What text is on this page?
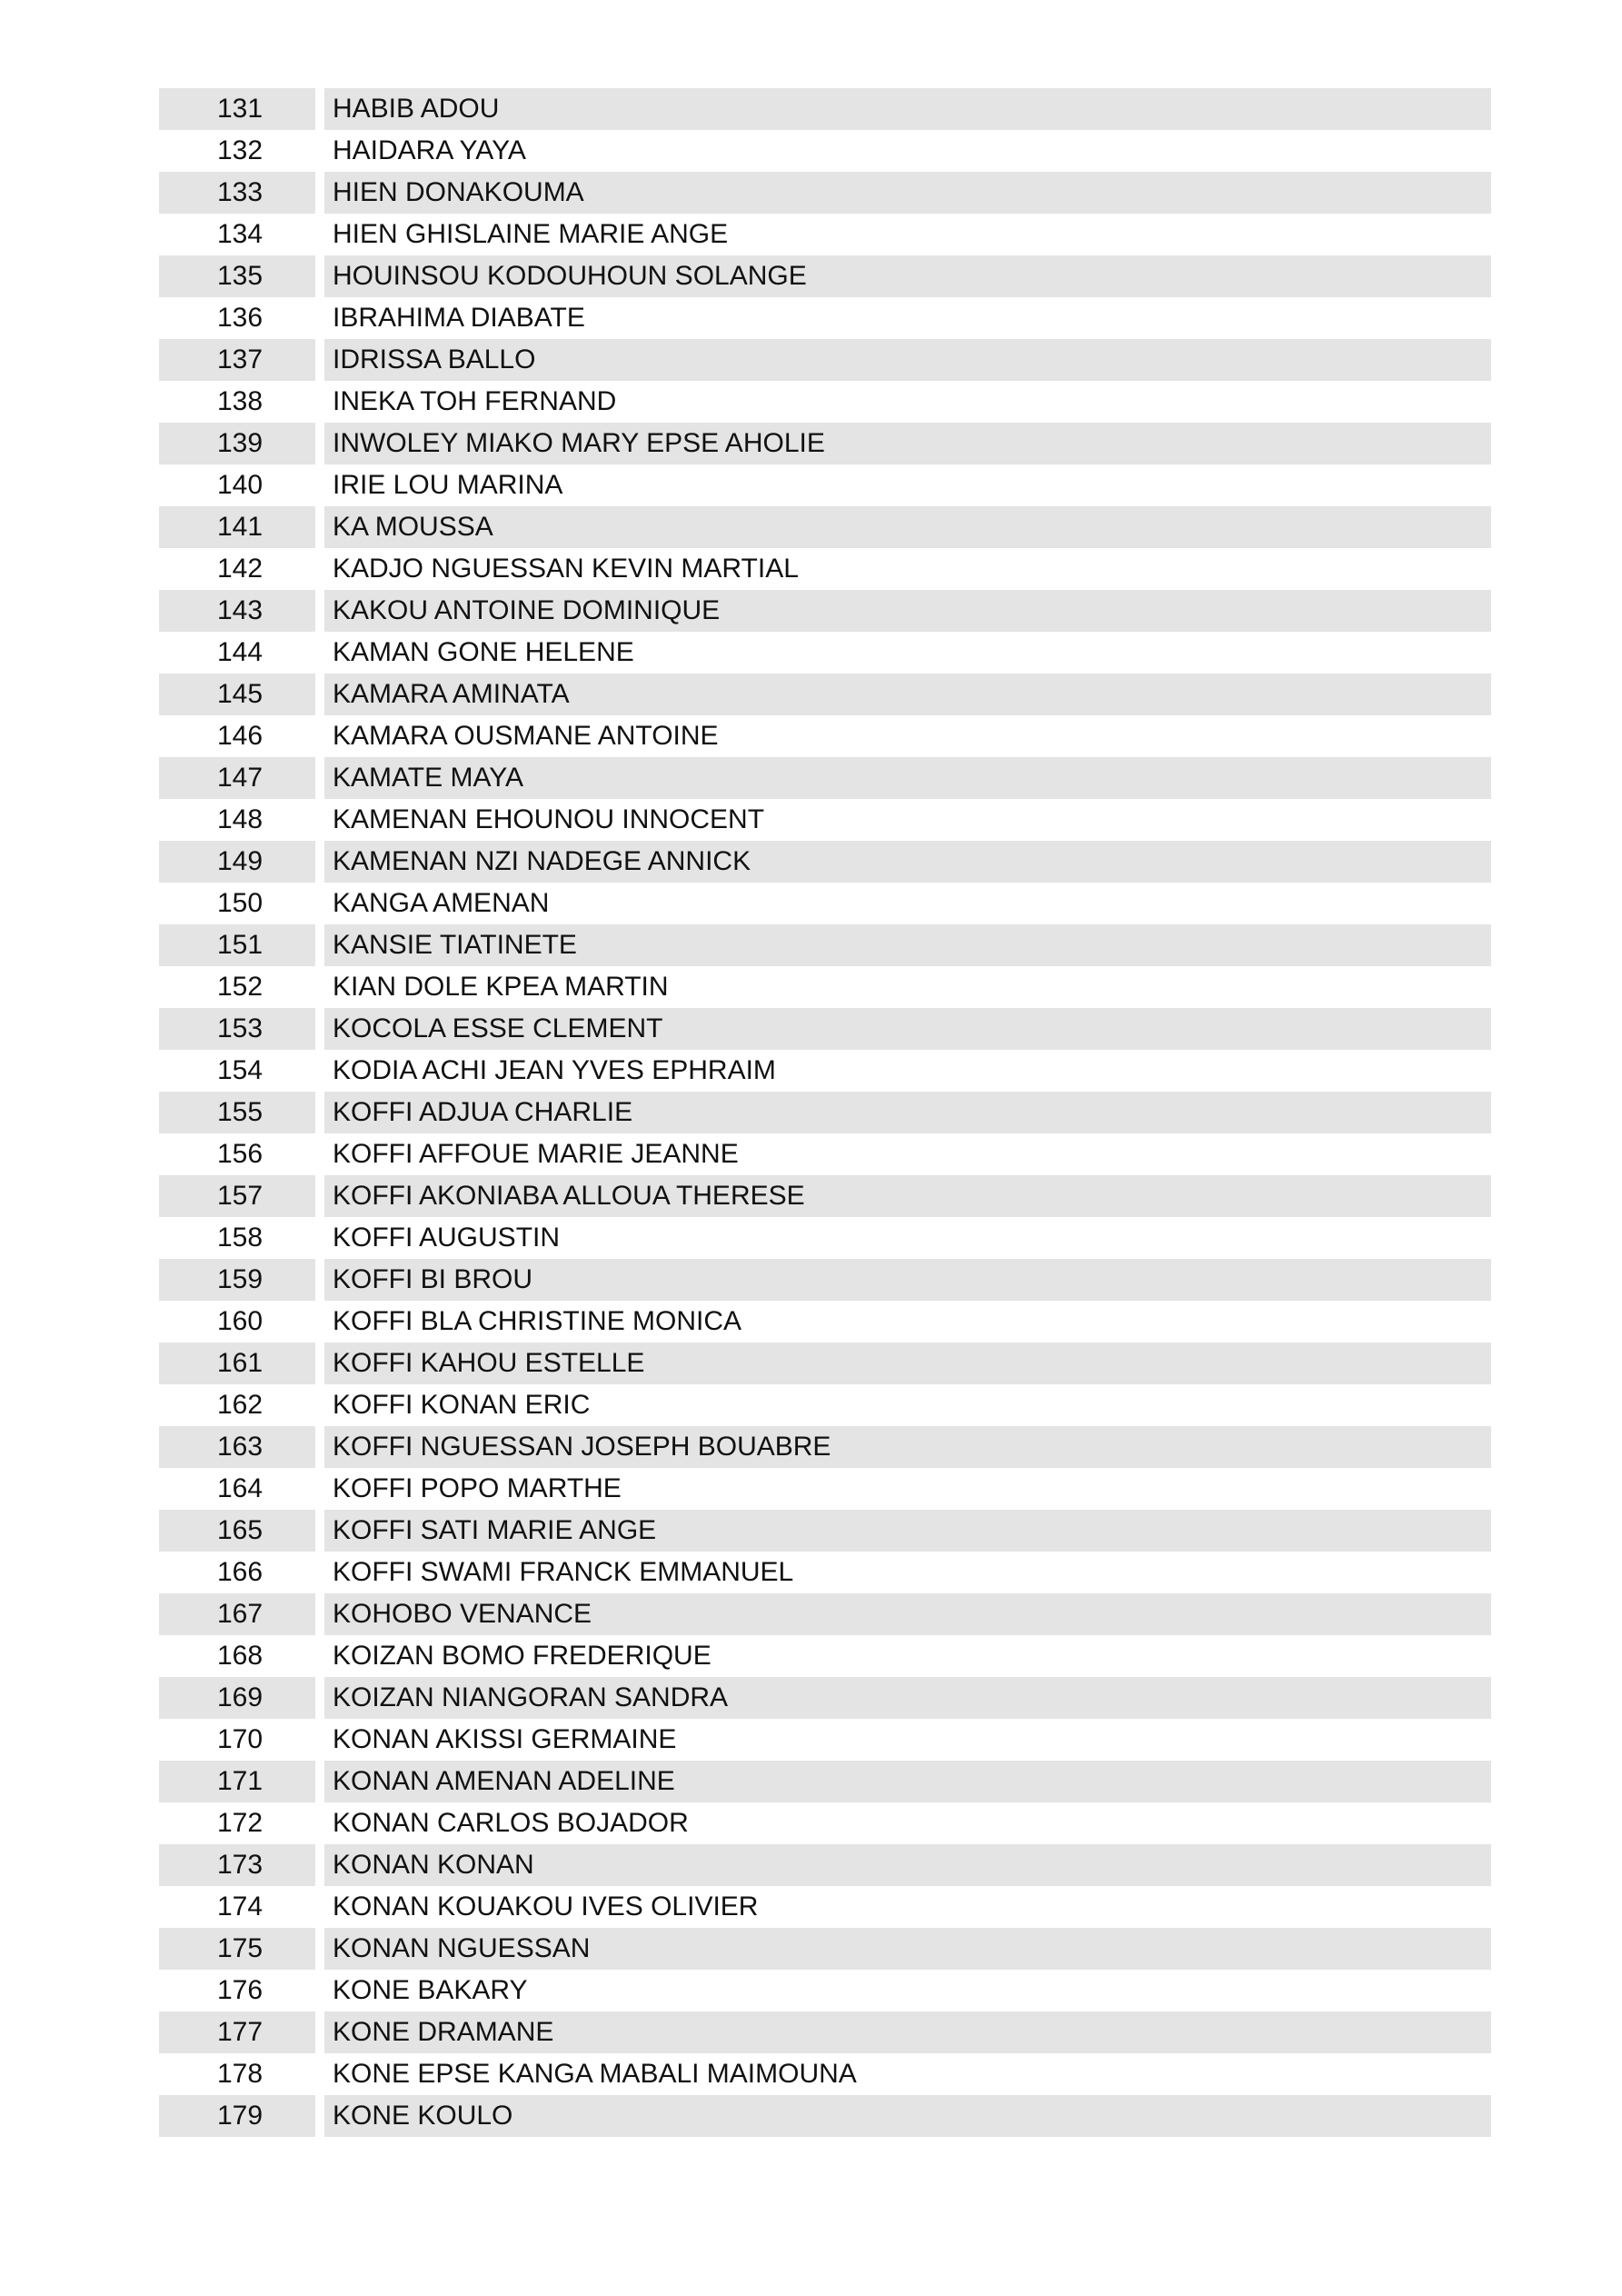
131	HABIB ADOU
132	HAIDARA YAYA
133	HIEN DONAKOUMA
134	HIEN GHISLAINE MARIE ANGE
135	HOUINSOU KODOUHOUN SOLANGE
136	IBRAHIMA DIABATE
137	IDRISSA BALLO
138	INEKA TOH FERNAND
139	INWOLEY MIAKO MARY EPSE AHOLIE
140	IRIE LOU MARINA
141	KA MOUSSA
142	KADJO NGUESSAN KEVIN MARTIAL
143	KAKOU ANTOINE DOMINIQUE
144	KAMAN GONE HELENE
145	KAMARA AMINATA
146	KAMARA OUSMANE ANTOINE
147	KAMATE MAYA
148	KAMENAN EHOUNOU INNOCENT
149	KAMENAN NZI NADEGE ANNICK
150	KANGA AMENAN
151	KANSIE TIATINETE
152	KIAN DOLE KPEA MARTIN
153	KOCOLA ESSE CLEMENT
154	KODIA ACHI JEAN YVES EPHRAIM
155	KOFFI ADJUA CHARLIE
156	KOFFI AFFOUE MARIE JEANNE
157	KOFFI AKONIABA ALLOUA THERESE
158	KOFFI AUGUSTIN
159	KOFFI BI BROU
160	KOFFI BLA CHRISTINE MONICA
161	KOFFI KAHOU ESTELLE
162	KOFFI KONAN ERIC
163	KOFFI NGUESSAN JOSEPH BOUABRE
164	KOFFI POPO MARTHE
165	KOFFI SATI MARIE ANGE
166	KOFFI SWAMI FRANCK EMMANUEL
167	KOHOBO VENANCE
168	KOIZAN BOMO FREDERIQUE
169	KOIZAN NIANGORAN SANDRA
170	KONAN AKISSI GERMAINE
171	KONAN AMENAN ADELINE
172	KONAN CARLOS BOJADOR
173	KONAN KONAN
174	KONAN KOUAKOU IVES OLIVIER
175	KONAN NGUESSAN
176	KONE BAKARY
177	KONE DRAMANE
178	KONE EPSE KANGA MABALI MAIMOUNA
179	KONE KOULO
